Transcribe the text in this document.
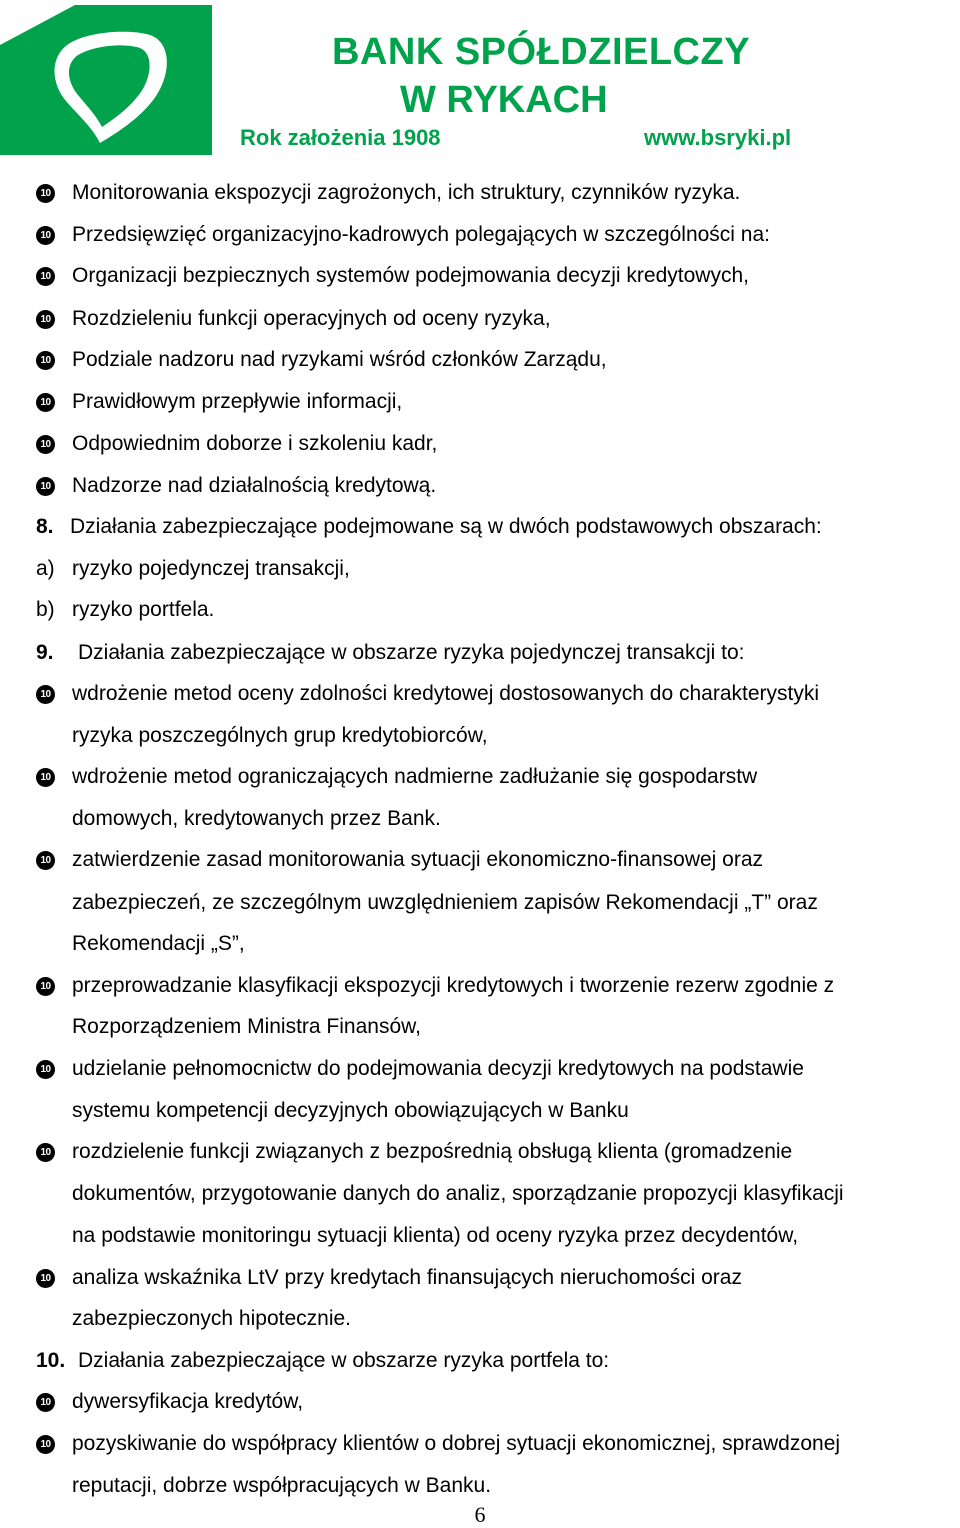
BANK SPÓŁDZIELCZY
W RYKACH
Rok założenia 1908	www.bsryki.pl
10 Monitorowania ekspozycji zagrożonych, ich struktury, czynników ryzyka.
10 Przedsięwzięć organizacyjno-kadrowych polegających w szczególności na:
10 Organizacji bezpiecznych systemów podejmowania decyzji kredytowych,
10 Rozdzieleniu funkcji operacyjnych od oceny ryzyka,
10 Podziale nadzoru nad ryzykami wśród członków Zarządu,
10 Prawidłowym przepływie informacji,
10 Odpowiednim doborze i szkoleniu kadr,
10 Nadzorze nad działalnością kredytową.
8. Działania zabezpieczające podejmowane są w dwóch podstawowych obszarach:
a) ryzyko pojedynczej transakcji,
b) ryzyko portfela.
9. Działania zabezpieczające w obszarze ryzyka pojedynczej transakcji to:
10 wdrożenie metod oceny zdolności kredytowej dostosowanych do charakterystyki
ryzyka poszczególnych grup kredytobiorców,
10 wdrożenie metod ograniczających nadmierne zadłużanie się gospodarstw
domowych, kredytowanych przez Bank.
10 zatwierdzenie zasad monitorowania sytuacji ekonomiczno-finansowej oraz
zabezpieczeń, ze szczególnym uwzględnieniem zapisów Rekomendacji „T” oraz
Rekomendacji „S”,
10 przeprowadzanie klasyfikacji ekspozycji kredytowych i tworzenie rezerw zgodnie z
Rozporządzeniem Ministra Finansów,
10 udzielanie pełnomocnictw do podejmowania decyzji kredytowych na podstawie
systemu kompetencji decyzyjnych obowiązujących w Banku
10 rozdzielenie funkcji związanych z bezpośrednią obsługą klienta (gromadzenie
dokumentów, przygotowanie danych do analiz, sporządzanie propozycji klasyfikacji
na podstawie monitoringu sytuacji klienta) od oceny ryzyka przez decydentów,
10 analiza wskaźnika LtV przy kredytach finansujących nieruchomości oraz
zabezpieczonych hipotecznie.
10. Działania zabezpieczające w obszarze ryzyka portfela to:
10 dywersyfikacja kredytów,
10 pozyskiwanie do współpracy klientów o dobrej sytuacji ekonomicznej, sprawdzonej
reputacji, dobrze współpracujących w Banku.
6
